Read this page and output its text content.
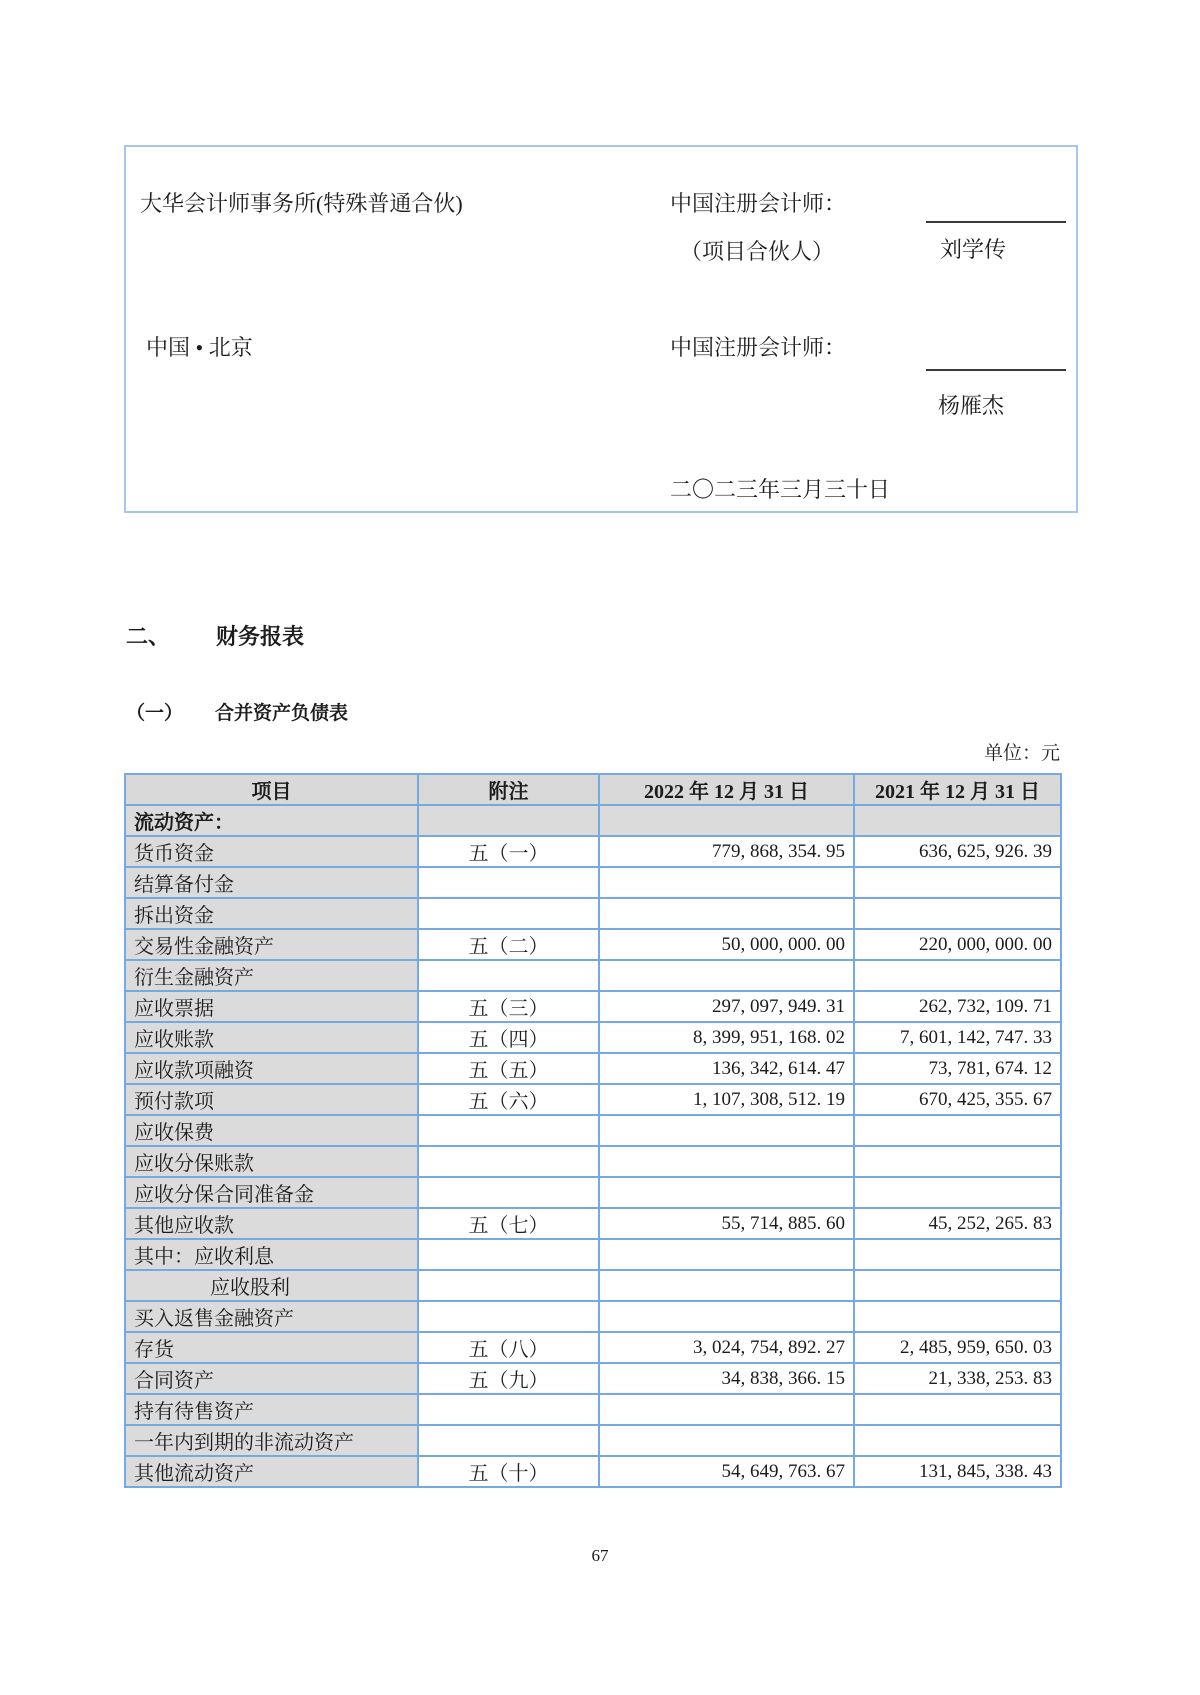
大华会计师事务所(特殊普通合伙)	中国注册会计师：
（项目合伙人）	刘学传
中国 • 北京	中国注册会计师：
杨雁杰
二〇二三年三月三十日
二、 财务报表
（一） 合并资产负债表
单位：元
项目	附注	2022 年 12 月 31 日	2021 年 12 月 31 日
流动资产：			
货币资金	五（一）	779, 868, 354. 95	636, 625, 926. 39
结算备付金			
拆出资金			
交易性金融资产	五（二）	50, 000, 000. 00	220, 000, 000. 00
衍生金融资产			
应收票据	五（三）	297, 097, 949. 31	262, 732, 109. 71
应收账款	五（四）	8, 399, 951, 168. 02	7, 601, 142, 747. 33
应收款项融资	五（五）	136, 342, 614. 47	73, 781, 674. 12
预付款项	五（六）	1, 107, 308, 512. 19	670, 425, 355. 67
应收保费			
应收分保账款			
应收分保合同准备金			
其他应收款	五（七）	55, 714, 885. 60	45, 252, 265. 83
其中：应收利息			
应收股利			
买入返售金融资产			
存货	五（八）	3, 024, 754, 892. 27	2, 485, 959, 650. 03
合同资产	五（九）	34, 838, 366. 15	21, 338, 253. 83
持有待售资产			
一年内到期的非流动资产			
其他流动资产	五（十）	54, 649, 763. 67	131, 845, 338. 43
67
